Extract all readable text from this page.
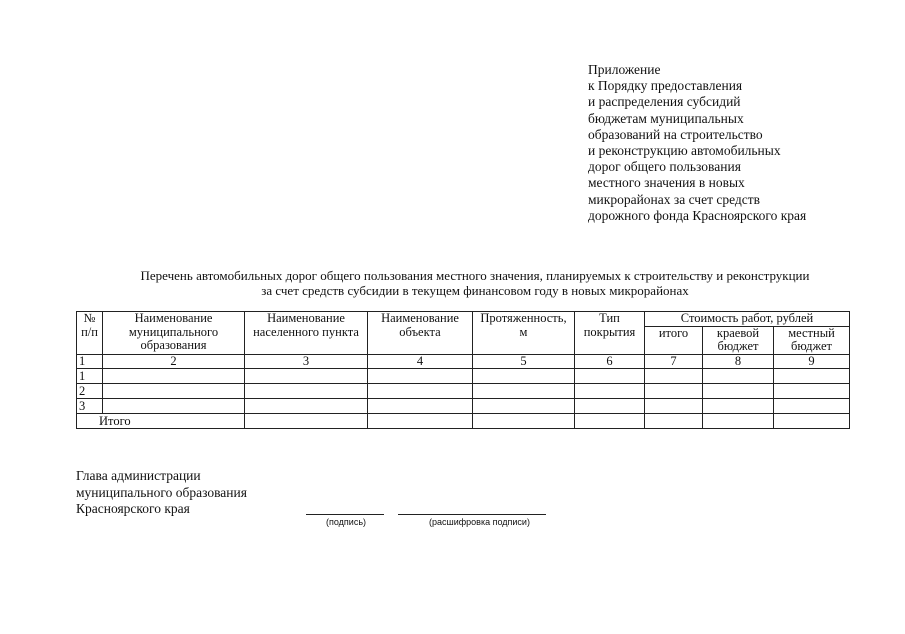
Приложение
к Порядку предоставления
и распределения субсидий
бюджетам муниципальных
образований на строительство
и реконструкцию автомобильных
дорог общего пользования
местного значения в новых
микрорайонах за счет средств
дорожного фонда Красноярского края
Перечень автомобильных дорог общего пользования местного значения, планируемых к строительству и реконструкции
за счет средств субсидии в текущем финансовом году в новых микрорайонах
№ п/п	Наименование муниципального образования	Наименование населенного пункта	Наименование объекта	Протяженность, м	Тип покрытия	Стоимость работ, рублей		
						итого	краевой бюджет	местный бюджет
1	2	3	4	5	6	7	8	9
1								
2								
3								
Итого								
Глава администрации
муниципального образования
Красноярского края
(подпись)	(расшифровка подписи)
